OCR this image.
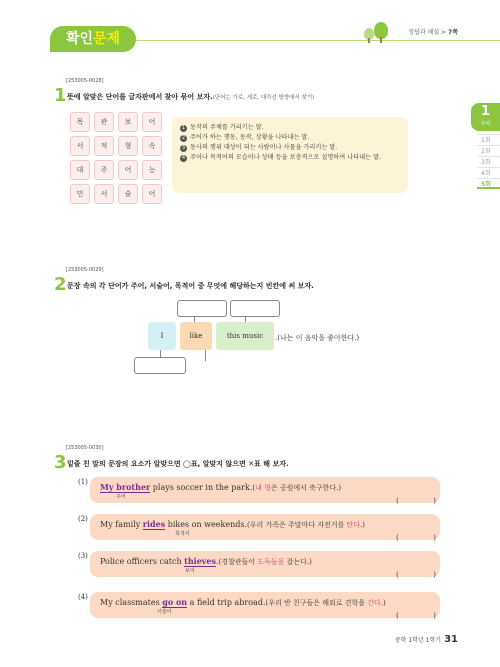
확인문제	정답과 해설 > 7쪽
1
주차
1회
2회
3회
4회
5회
[253005-0028]
1 뜻에 알맞은 단어를 글자판에서 찾아 묶어 보자.(단어는 가로, 세로, 대각선 방향에서 찾기)
목	관	보	어
서	적	형	속
대	주	어	능
민	서	술	어
1 동작의 주체를 가리키는 말.
2 주어가 하는 행동, 동작, 상황을 나타내는 말.
3 동사의 행위 대상이 되는 사람이나 사물을 가리키는 말.
4 주어나 목적어의 모습이나 상태 등을 보충적으로 설명하여 나타내는 말.
[253005-0029]
2 문장 속의 각 단어가 주어, 서술어, 목적어 중 무엇에 해당하는지 빈칸에 써 보자.
I	like	this music	.(나는 이 음악을 좋아한다.)
[253005-0030]
3 밑줄 친 말의 문장의 요소가 알맞으면 ◯표, 알맞지 않으면 ✕표 해 보자.
(1)	My brother plays soccer in the park.(내 형은 공원에서 축구한다.)
주어	(	)
(2)
My family rides bikes on weekends.(우리 가족은 주말마다 자전거를 탄다.)
목적어	(	)
(3)
Police officers catch thieves.(경찰관들이 도둑들을 잡는다.)
보어	(	)
(4)
My classmates go on a field trip abroad.(우리 반 친구들은 해외로 견학을 간다.)
서술어	(	)
중학 1학년 1학기 31
